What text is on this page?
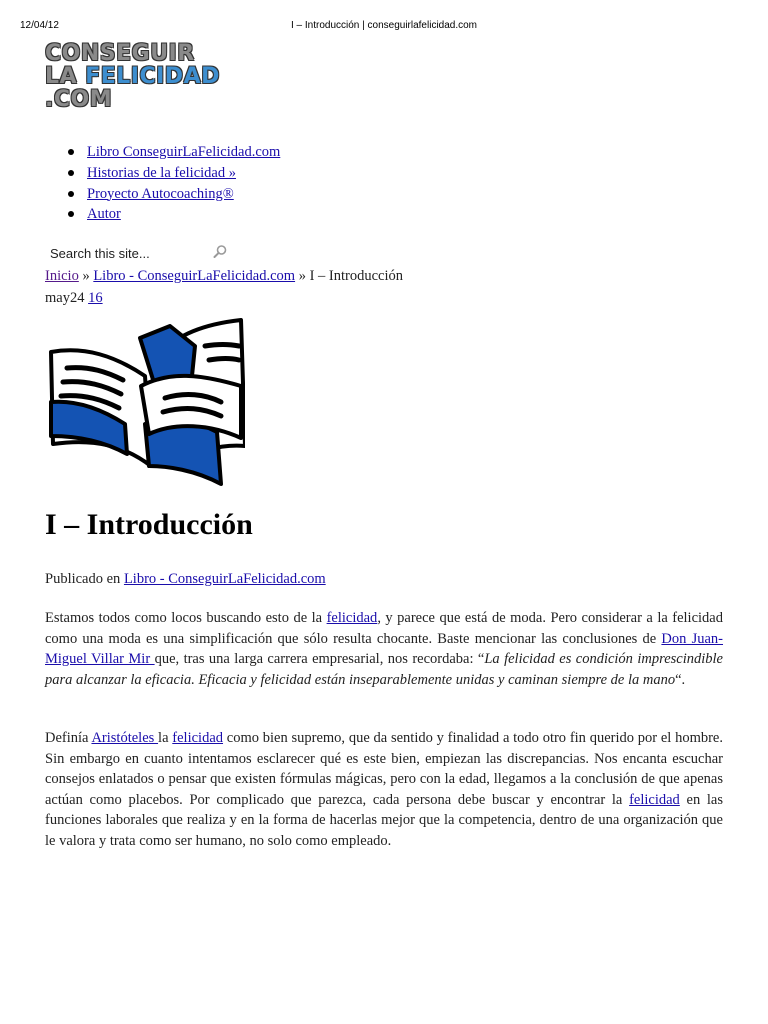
12/04/12	I – Introducción | conseguirlafelicidad.com
CONSEGUIR
LA FELICIDAD
.COM
Libro ConseguirLaFelicidad.com
Historias de la felicidad »
Proyecto Autocoaching®
Autor
Search this site...
Inicio » Libro - ConseguirLaFelicidad.com » I – Introducción
may24 16
I – Introducción
Publicado en Libro - ConseguirLaFelicidad.com

Estamos todos como locos buscando esto de la felicidad, y parece que está de moda. Pero considerar a la felicidad como una moda es una simplificación que sólo resulta chocante. Baste mencionar las conclusiones de Don Juan-Miguel Villar Mir que, tras una larga carrera empresarial, nos recordaba: “La felicidad es condición imprescindible para alcanzar la eficacia. Eficacia y felicidad están inseparablemente unidas y caminan siempre de la mano“.

Definía Aristóteles la felicidad como bien supremo, que da sentido y finalidad a todo otro fin querido por el hombre. Sin embargo en cuanto intentamos esclarecer qué es este bien, empiezan las discrepancias. Nos encanta escuchar consejos enlatados o pensar que existen fórmulas mágicas, pero con la edad, llegamos a la conclusión de que apenas actúan como placebos. Por complicado que parezca, cada persona debe buscar y encontrar la felicidad en las funciones laborales que realiza y en la forma de hacerlas mejor que la competencia, dentro de una organización que le valora y trata como ser humano, no solo como empleado.
